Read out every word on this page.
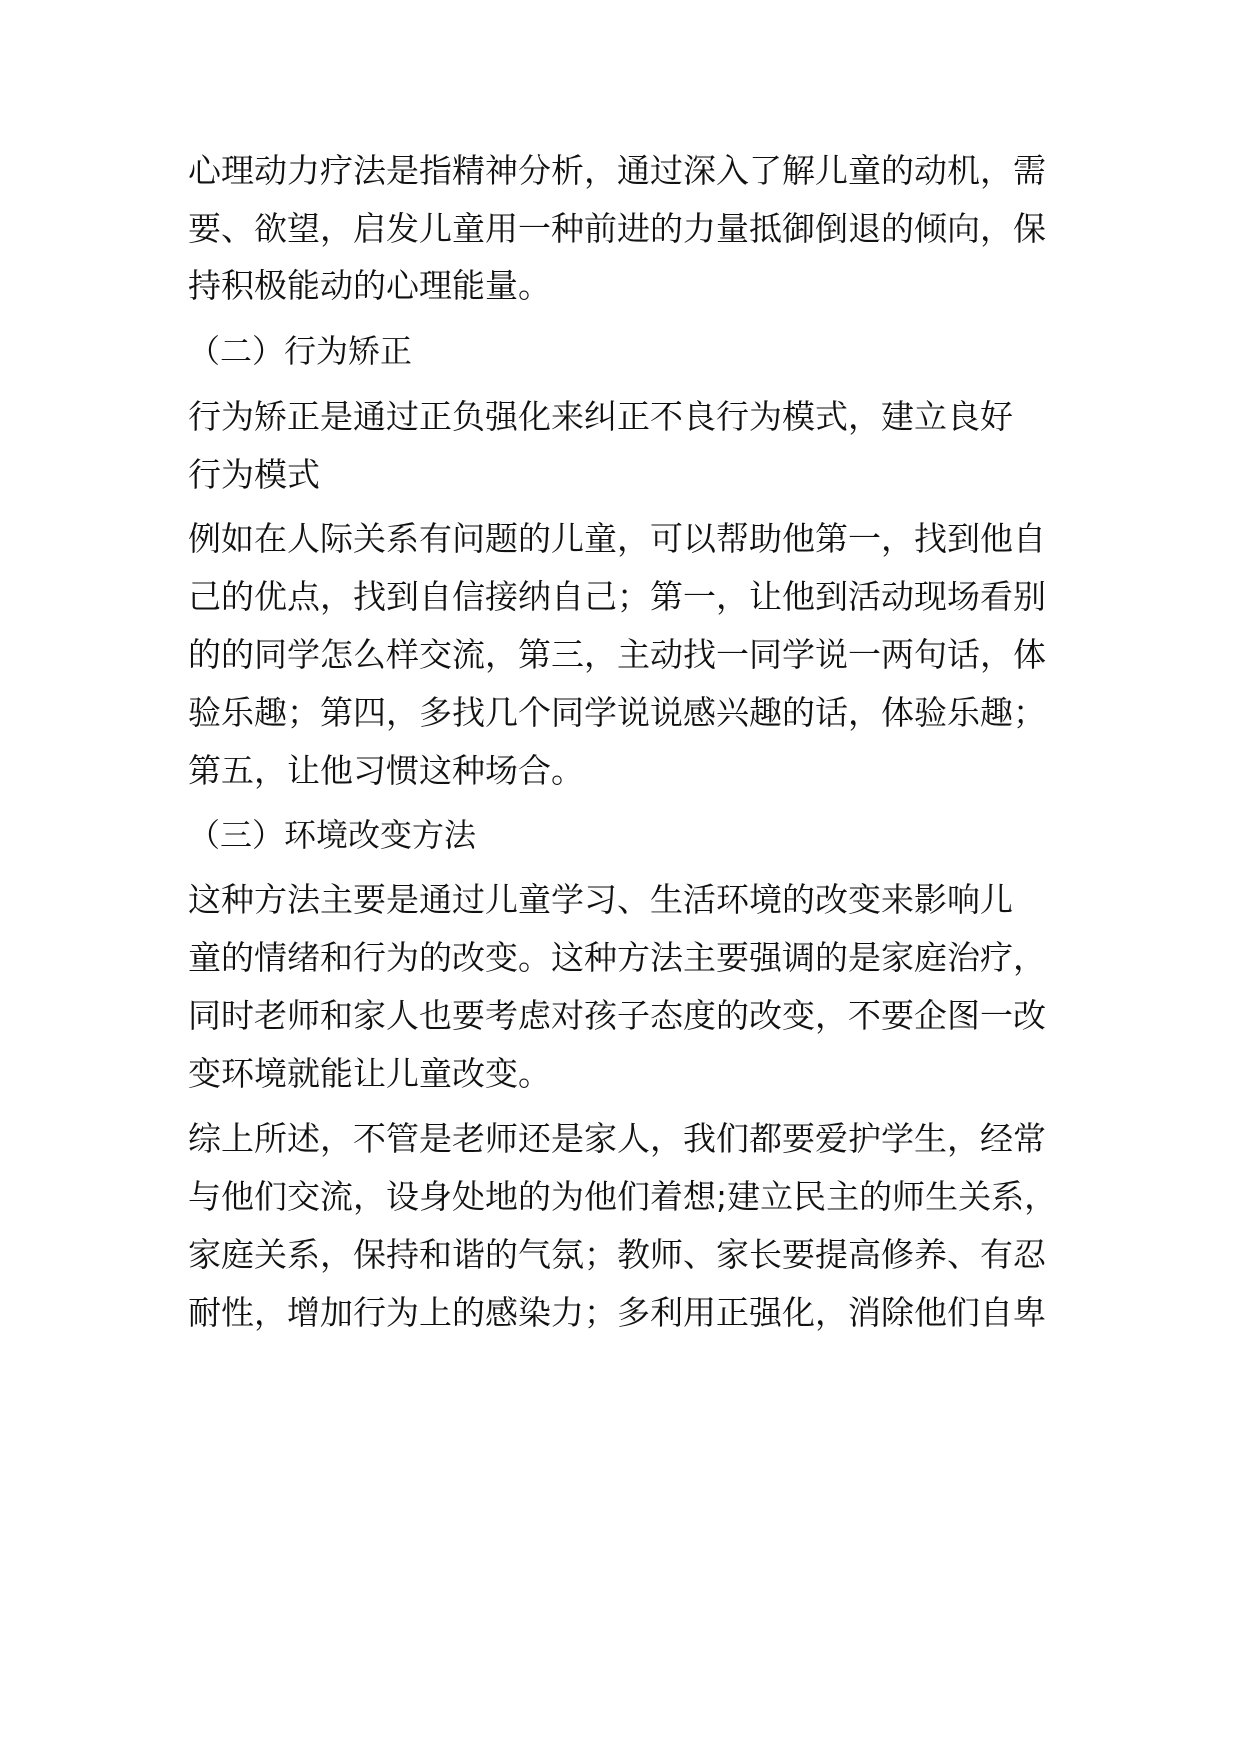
心理动力疗法是指精神分析，通过深入了解儿童的动机，需
要、欲望，启发儿童用一种前进的力量抵御倒退的倾向，保
持积极能动的心理能量。
（二）行为矫正
行为矫正是通过正负强化来纠正不良行为模式，建立良好
行为模式
例如在人际关系有问题的儿童，可以帮助他第一，找到他自
己的优点，找到自信接纳自己；第一，让他到活动现场看别
的的同学怎么样交流，第三，主动找一同学说一两句话，体
验乐趣；第四，多找几个同学说说感兴趣的话，体验乐趣；
第五，让他习惯这种场合。
（三）环境改变方法
这种方法主要是通过儿童学习、生活环境的改变来影响儿
童的情绪和行为的改变。这种方法主要强调的是家庭治疗，
同时老师和家人也要考虑对孩子态度的改变，不要企图一改
变环境就能让儿童改变。
综上所述，不管是老师还是家人，我们都要爱护学生，经常
与他们交流，设身处地的为他们着想;建立民主的师生关系，
家庭关系，保持和谐的气氛；教师、家长要提高修养、有忍
耐性，增加行为上的感染力；多利用正强化，消除他们自卑
